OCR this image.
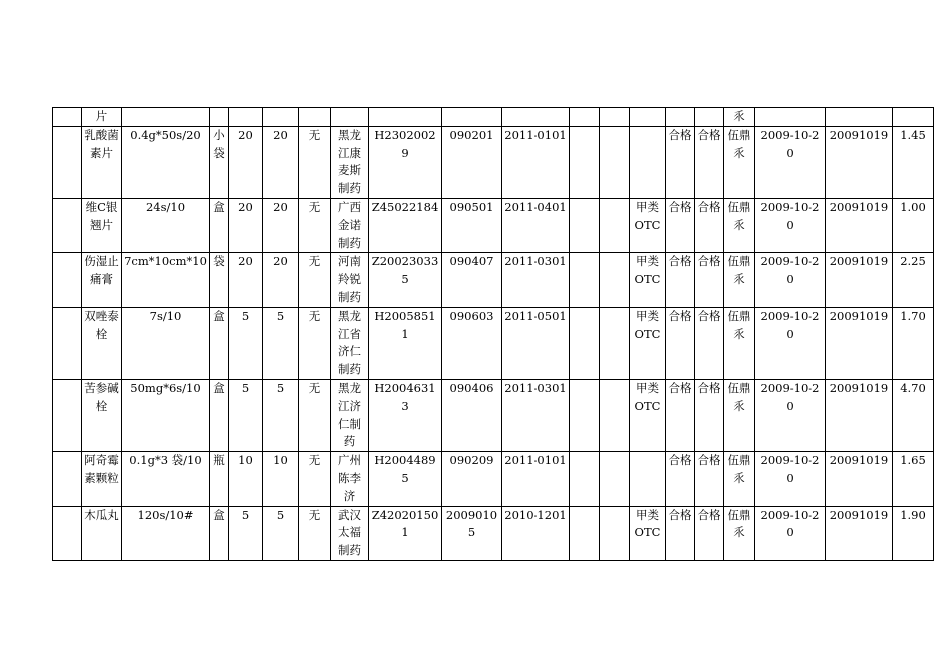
	片															乑			
	乳酸菌素片	0.4g*50s/20	小袋	20	20	无	黑龙江康麦斯制药	H23020029	090201	2011-0101				合格	合格	伍鼎乑	2009-10-20	20091019	1.45
	维C银翘片	24s/10	盒	20	20	无	广西金诺制药	Z45022184	090501	2011-0401			甲类OTC	合格	合格	伍鼎乑	2009-10-20	20091019	1.00
	伤湿止痛膏	7cm*10cm*10	袋	20	20	无	河南羚锐制药	Z20023033 5	090407	2011-0301			甲类OTC	合格	合格	伍鼎乑	2009-10-20	20091019	2.25
	双唑泰栓	7s/10	盒	5	5	无	黑龙江省济仁制药	H20058511	090603	2011-0501			甲类OTC	合格	合格	伍鼎乑	2009-10-20	20091019	1.70
	苦参碱栓	50mg*6s/10	盒	5	5	无	黑龙江济仁制药	H20046313	090406	2011-0301			甲类OTC	合格	合格	伍鼎乑	2009-10-20	20091019	4.70
	阿奇霉素颗粒	0.1g*3 袋/10	瓶	10	10	无	广州陈李济	H20044895	090209	2011-0101				合格	合格	伍鼎乑	2009-10-20	20091019	1.65
	木瓜丸	120s/10#	盒	5	5	无	武汉太福制药	Z42020150 1	20090105	2010-1201			甲类OTC	合格	合格	伍鼎乑	2009-10-20	20091019	1.90
